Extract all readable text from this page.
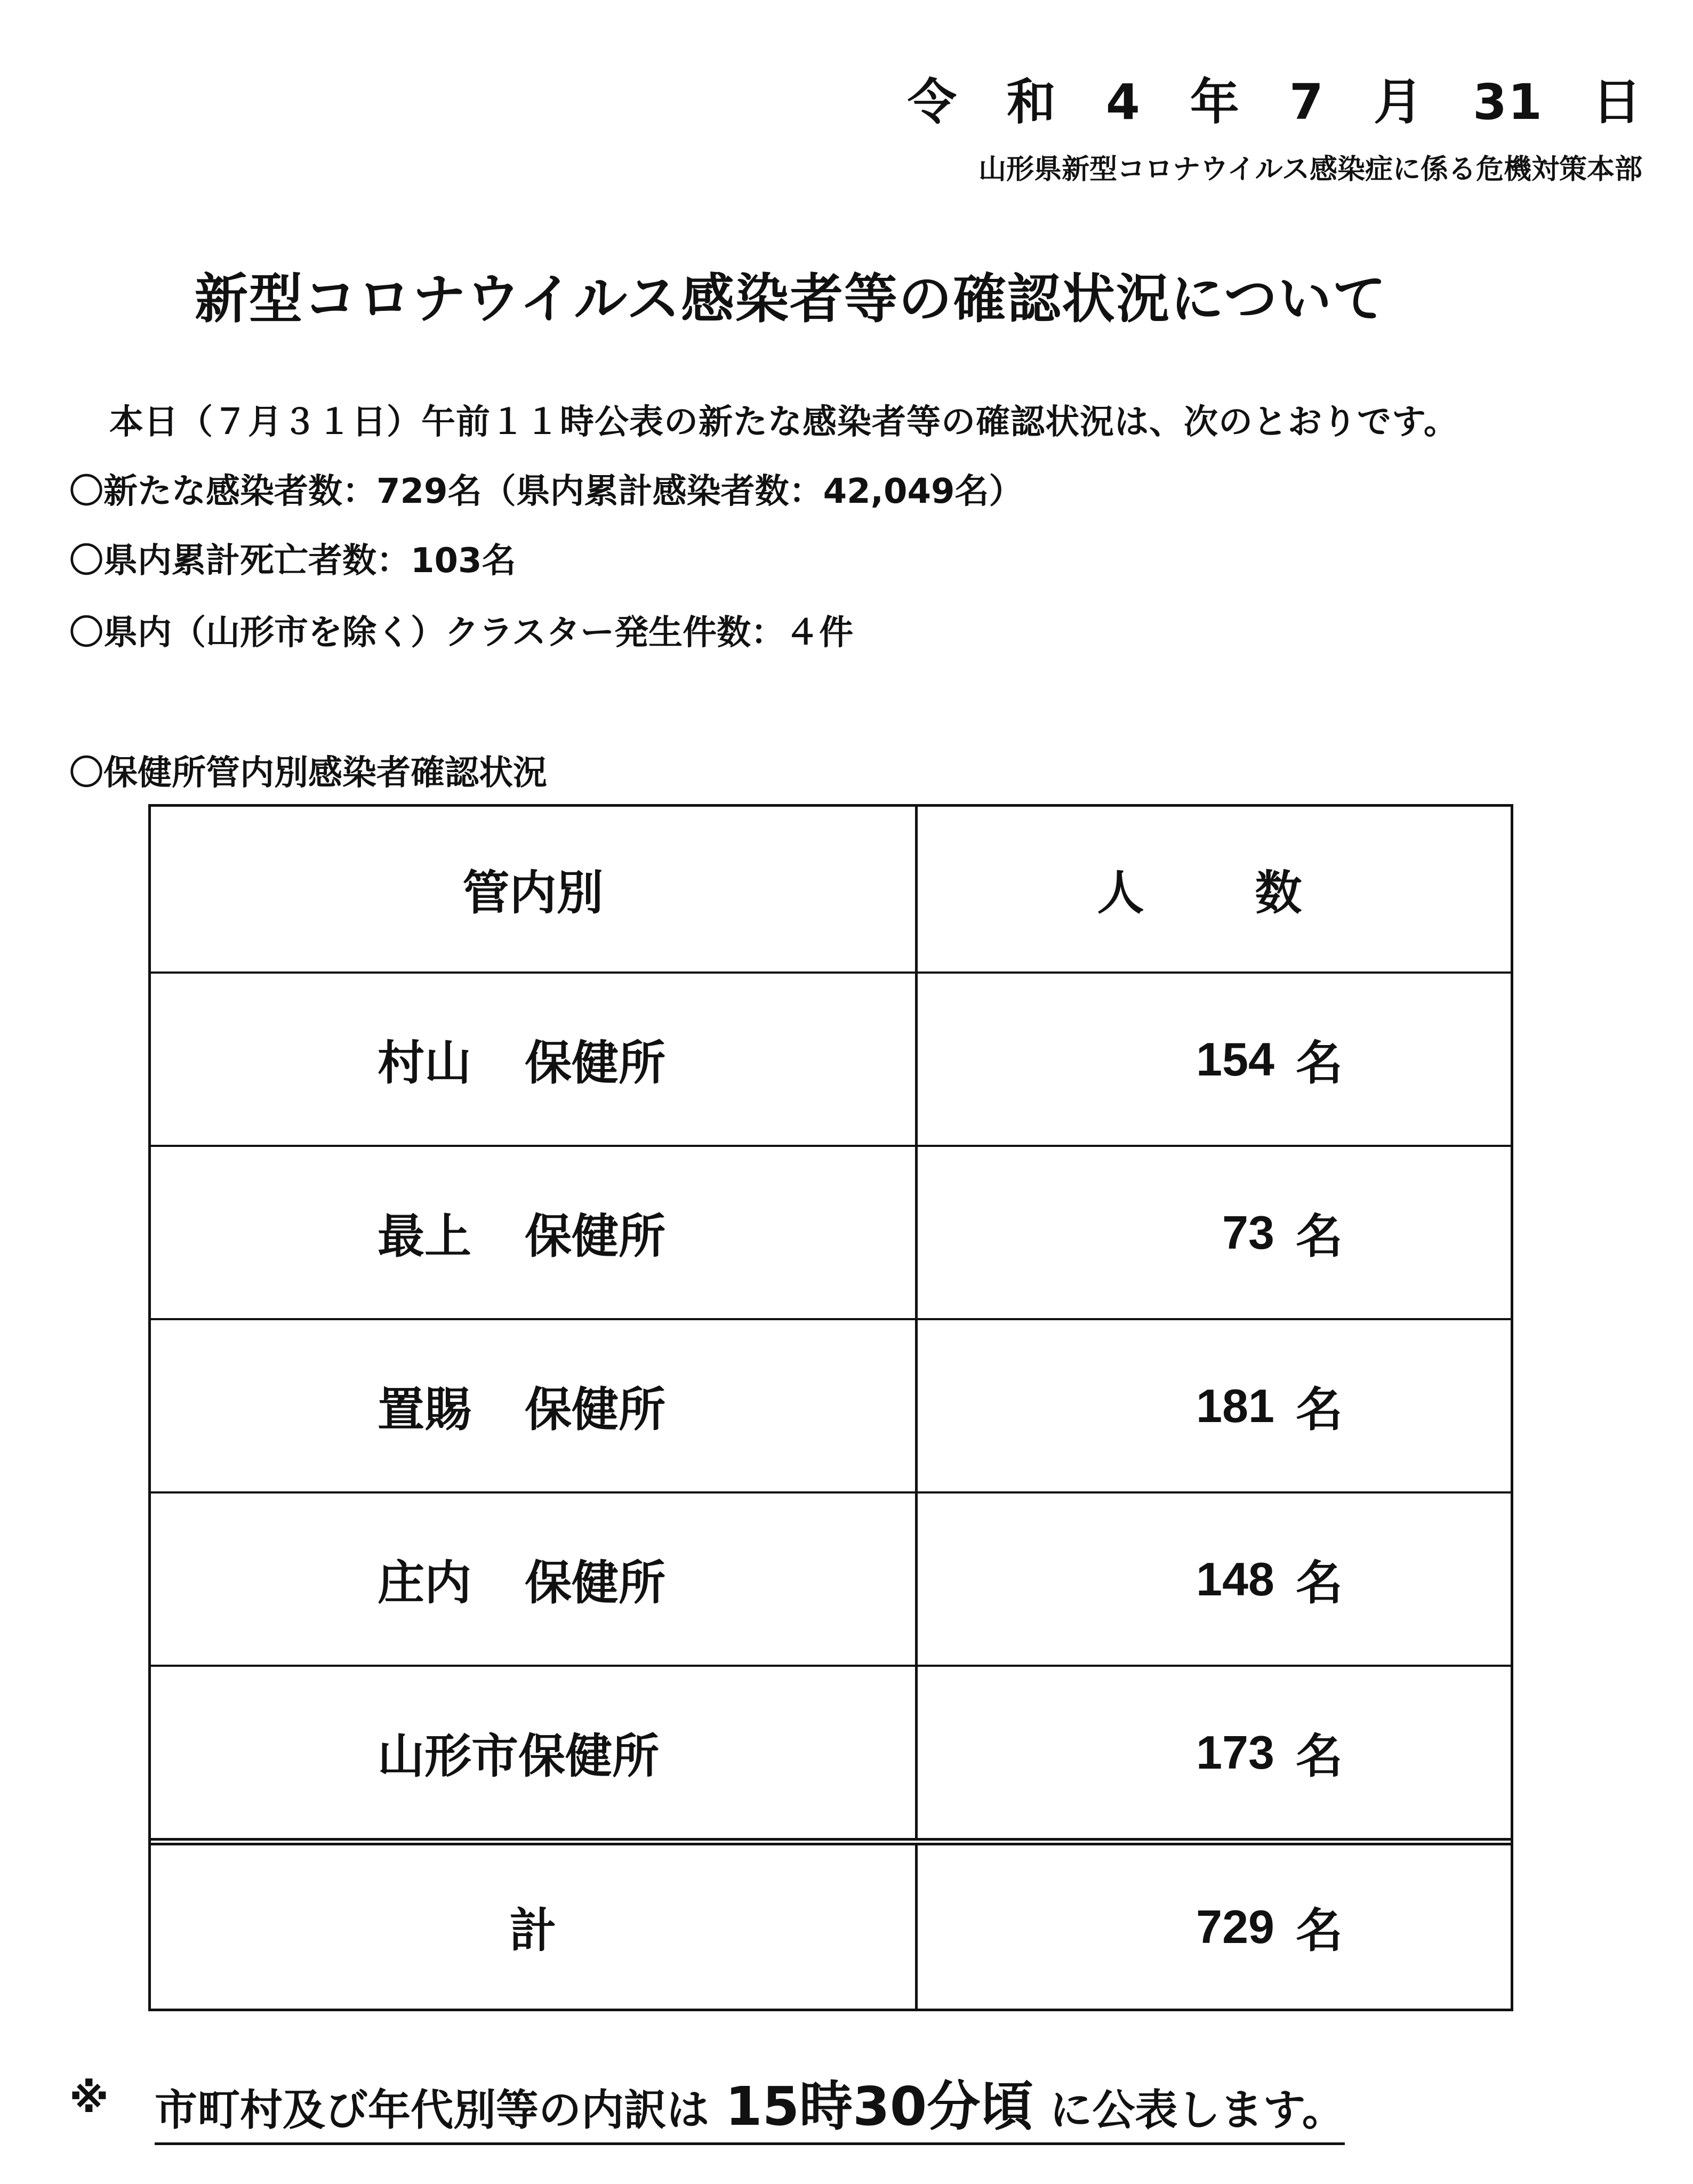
令 和 4 年 7 月 31 日
山形県新型コロナウイルス感染症に係る危機対策本部
新型コロナウイルス感染者等の確認状況について
本日（７月３１日）午前１１時公表の新たな感染者等の確認状況は、次のとおりです。
〇新たな感染者数：729名（県内累計感染者数：42,049名）
〇県内累計死亡者数：103名
〇県内（山形市を除く）クラスター発生件数：４件
〇保健所管内別感染者確認状況
管内別	人　数
村山 保健所	154 名
最上 保健所	73 名
置賜 保健所	181 名
庄内 保健所	148 名
山形市保健所	173 名
計	729 名
※ 市町村及び年代別等の内訳は 15時30分頃 に公表します。
